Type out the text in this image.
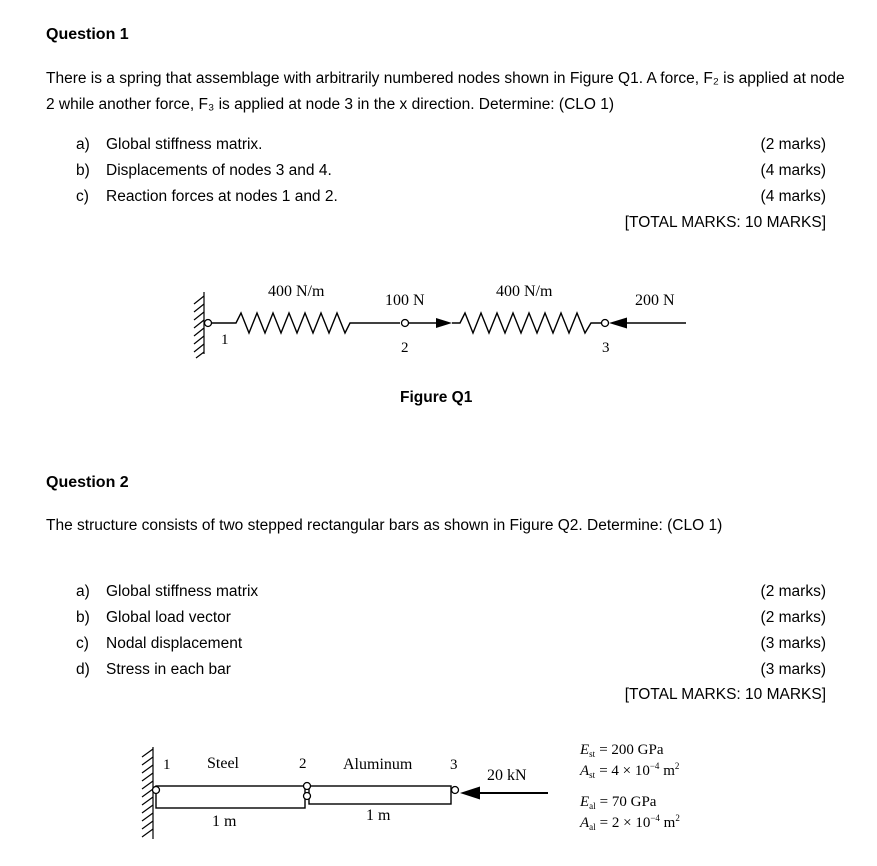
Question 1
There is a spring that assemblage with arbitrarily numbered nodes shown in Figure Q1. A force, F₂ is applied at node 2 while another force, F₃ is applied at node 3 in the x direction. Determine: (CLO 1)
a) Global stiffness matrix.	(2 marks)
b) Displacements of nodes 3 and 4.	(4 marks)
c) Reaction forces at nodes 1 and 2.	(4 marks)
[TOTAL MARKS: 10 MARKS]
400 N/m	400 N/m
100 N	200 N
1	2	3
Figure Q1
Question 2
The structure consists of two stepped rectangular bars as shown in Figure Q2. Determine: (CLO 1)
a) Global stiffness matrix	(2 marks)
b) Global load vector	(2 marks)
c) Nodal displacement	(3 marks)
d) Stress in each bar	(3 marks)
[TOTAL MARKS: 10 MARKS]
1 Steel	2 Aluminum	3
20 kN
1 m	1 m
$E_{st} = 200$ GPa
$A_{st} = 4 \times 10^{-4}$ $m^2$
$E_{al} = 70$ GPa
$A_{al} = 2 \times 10^{-4}$ $m^2$
